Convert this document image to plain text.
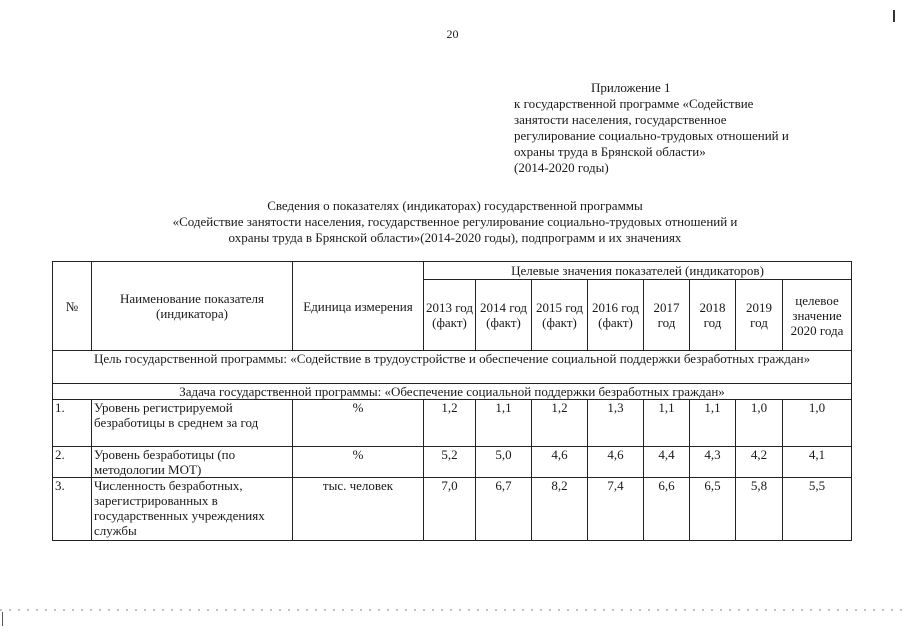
20
Приложение 1
к государственной программе «Содействие
занятости населения, государственное
регулирование социально-трудовых отношений и
охраны труда в Брянской области»
(2014-2020 годы)
Сведения о показателях (индикаторах) государственной программы
«Содействие занятости населения, государственное регулирование социально-трудовых отношений и
охраны труда в Брянской области»(2014-2020 годы), подпрограмм и их значениях
№	Наименование показателя (индикатора)	Единица измерения	Целевые значения показателей (индикаторов)							
			2013 год (факт)	2014 год (факт)	2015 год (факт)	2016 год (факт)	2017 год	2018 год	2019 год	целевое значение 2020 года
Цель государственной программы: «Содействие в трудоустройстве и обеспечение социальной поддержки безработных граждан»										
Задача государственной программы: «Обеспечение социальной поддержки безработных граждан»										
1.	Уровень регистрируемой безработицы в среднем за год	%	1,2	1,1	1,2	1,3	1,1	1,1	1,0	1,0
2.	Уровень безработицы (по методологии МОТ)	%	5,2	5,0	4,6	4,6	4,4	4,3	4,2	4,1
3.	Численность безработных, зарегистрированных в государственных учреждениях службы	тыс. человек	7,0	6,7	8,2	7,4	6,6	6,5	5,8	5,5
